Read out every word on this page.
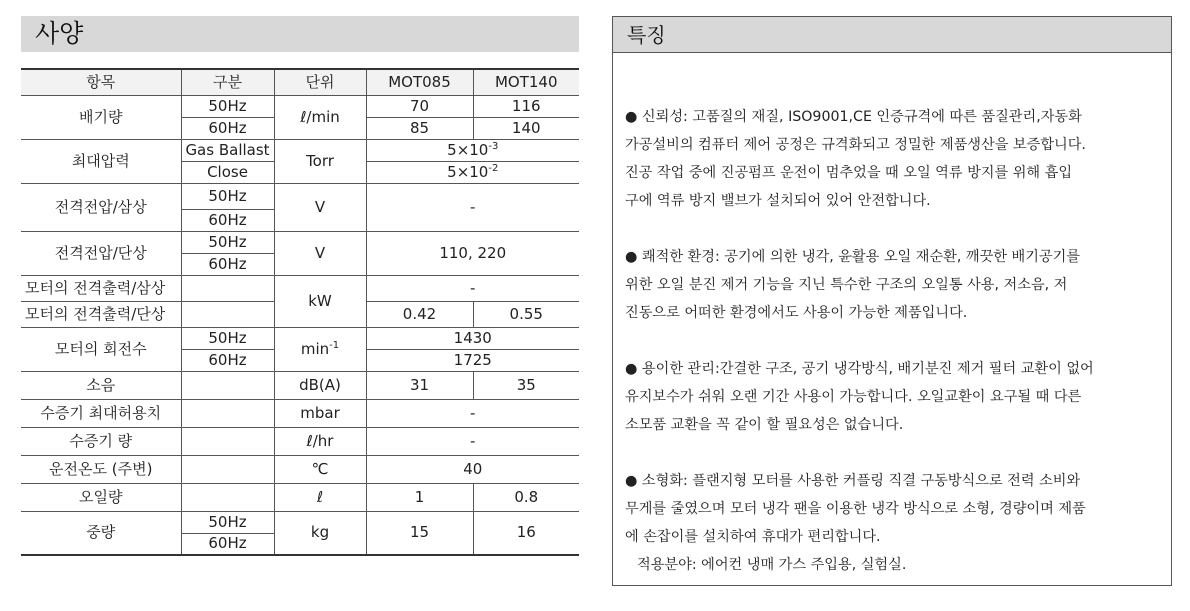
사양
항목	구분	단위	MOT085	MOT140
배기량	50Hz	ℓ/min	70	116
	60Hz		85	140
최대압력	Gas Ballast	Torr	$5\times 10^{-3}$
	Close		$5\times 10^{-2}$
전격전압/삼상	50Hz	V	-	
	60Hz			
전격전압/단상	50Hz	V	110, 220	
	60Hz			
모터의 전격출력/삼상		kW	-	
모터의 전격출력/단상			0.42	0.55
모터의 회전수	50Hz	$\min^{-1}$	1430	
	60Hz		1725	
소음		dB(A)	31	35
수증기 최대허용치		mbar	-	
수증기 량		ℓ/hr	-	
운전온도 (주변)		℃	40	
오일량		ℓ	1	0.8
중량	50Hz	kg	15	16
	60Hz			
특징
● 신뢰성: 고품질의 재질, ISO9001,CE 인증규격에 따른 품질관리,자동화
가공설비의 컴퓨터 제어 공정은 규격화되고 정밀한 제품생산을 보증합니다.
진공 작업 중에 진공펌프 운전이 멈추었을 때 오일 역류 방지를 위해 흡입
구에 역류 방지 밸브가 설치되어 있어 안전합니다.
● 쾌적한 환경: 공기에 의한 냉각, 윤활용 오일 재순환, 깨끗한 배기공기를
위한 오일 분진 제거 기능을 지닌 특수한 구조의 오일통 사용, 저소음, 저
진동으로 어떠한 환경에서도 사용이 가능한 제품입니다.
● 용이한 관리:간결한 구조, 공기 냉각방식, 배기분진 제거 필터 교환이 없어
유지보수가 쉬워 오랜 기간 사용이 가능합니다. 오일교환이 요구될 때 다른
소모품 교환을 꼭 같이 할 필요성은 없습니다.
● 소형화: 플랜지형 모터를 사용한 커플링 직결 구동방식으로 전력 소비와
무게를 줄였으며 모터 냉각 팬을 이용한 냉각 방식으로 소형, 경량이며 제품
에 손잡이를 설치하여 휴대가 편리합니다.
적용분야: 에어컨 냉매 가스 주입용, 실험실.
